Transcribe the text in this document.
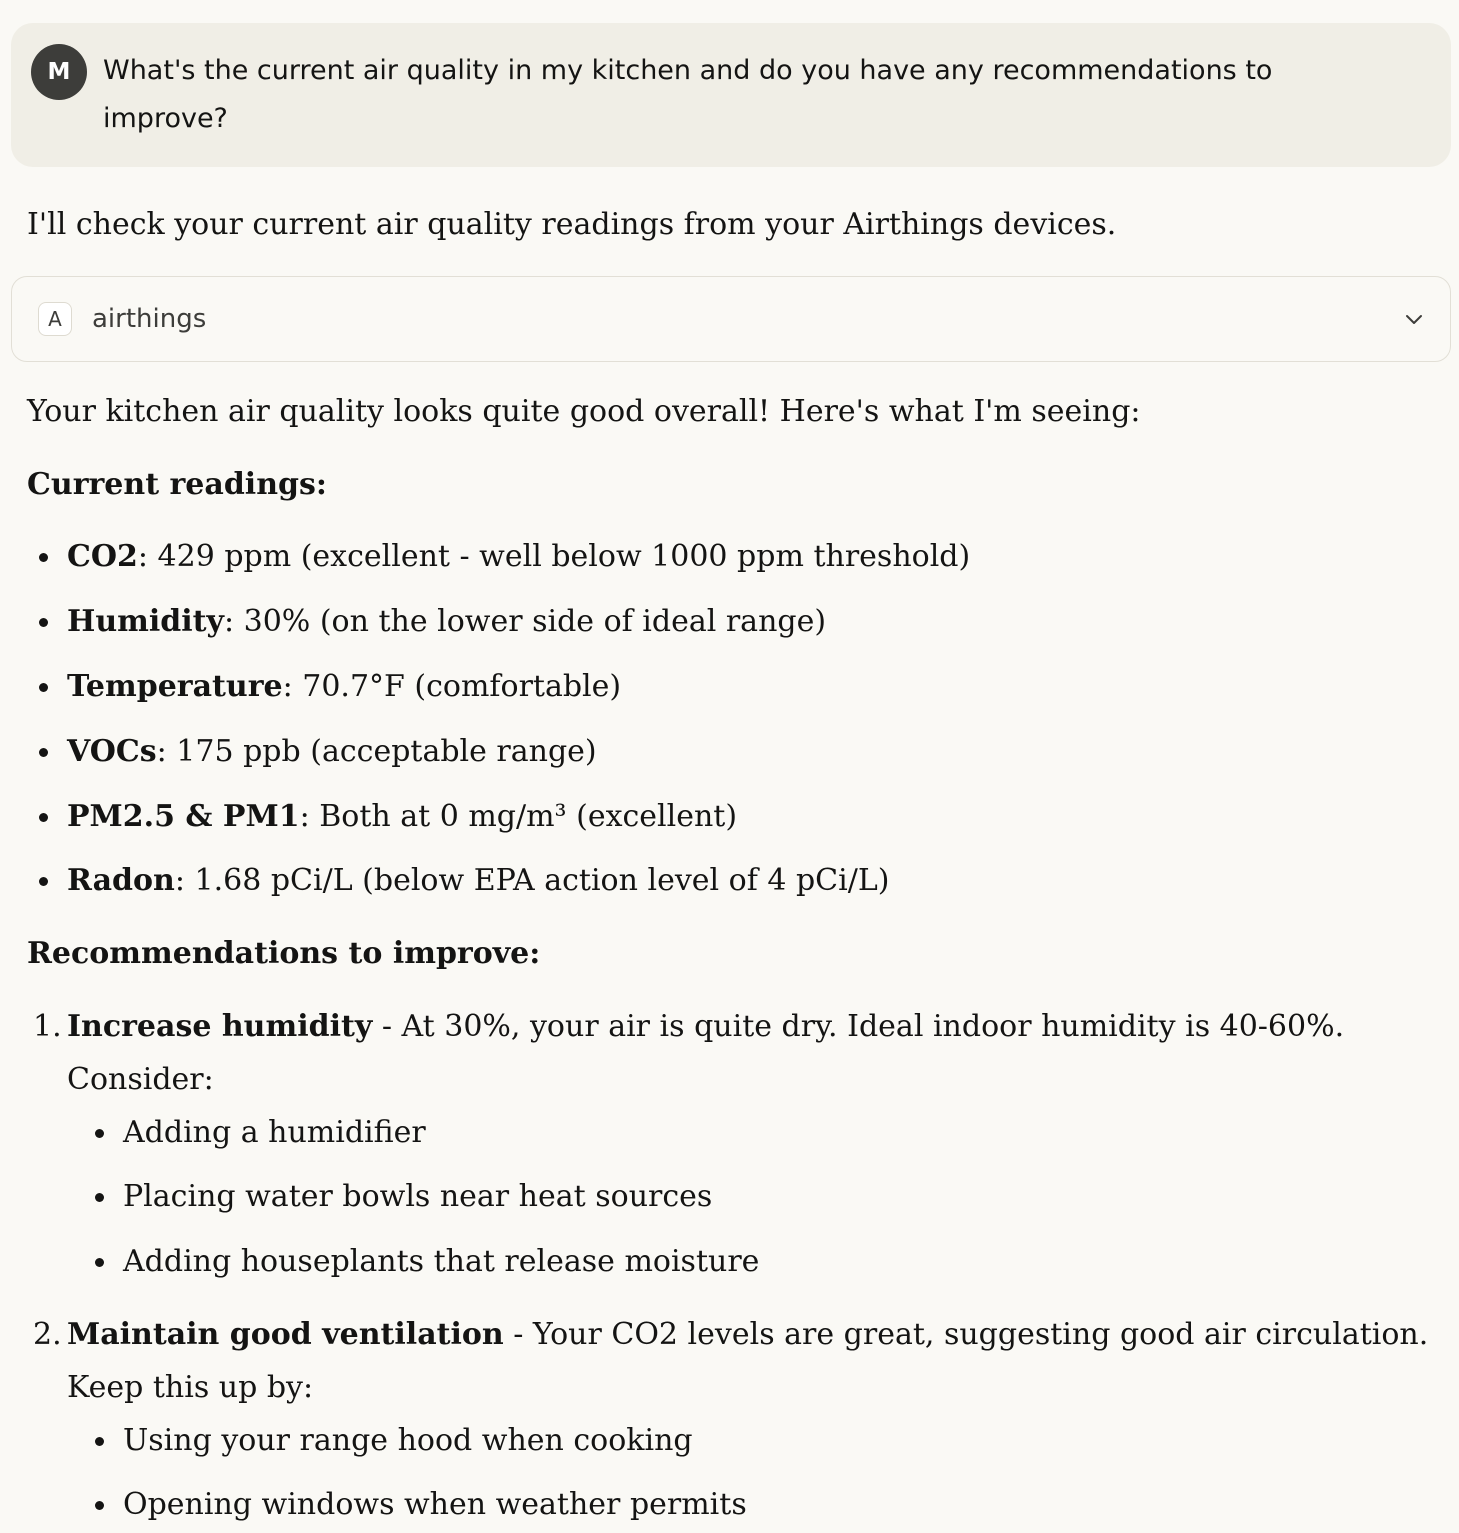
M	What's the current air quality in my kitchen and do you have any recommendations to improve?
I'll check your current air quality readings from your Airthings devices.
A	airthings
Your kitchen air quality looks quite good overall! Here's what I'm seeing:
Current readings:
CO2: 429 ppm (excellent - well below 1000 ppm threshold)
Humidity: 30% (on the lower side of ideal range)
Temperature: 70.7°F (comfortable)
VOCs: 175 ppb (acceptable range)
PM2.5 & PM1: Both at 0 mg/m³ (excellent)
Radon: 1.68 pCi/L (below EPA action level of 4 pCi/L)
Recommendations to improve:
1. Increase humidity - At 30%, your air is quite dry. Ideal indoor humidity is 40-60%.
Consider:
Adding a humidifier
Placing water bowls near heat sources
Adding houseplants that release moisture
2. Maintain good ventilation - Your CO2 levels are great, suggesting good air circulation.
Keep this up by:
Using your range hood when cooking
Opening windows when weather permits
